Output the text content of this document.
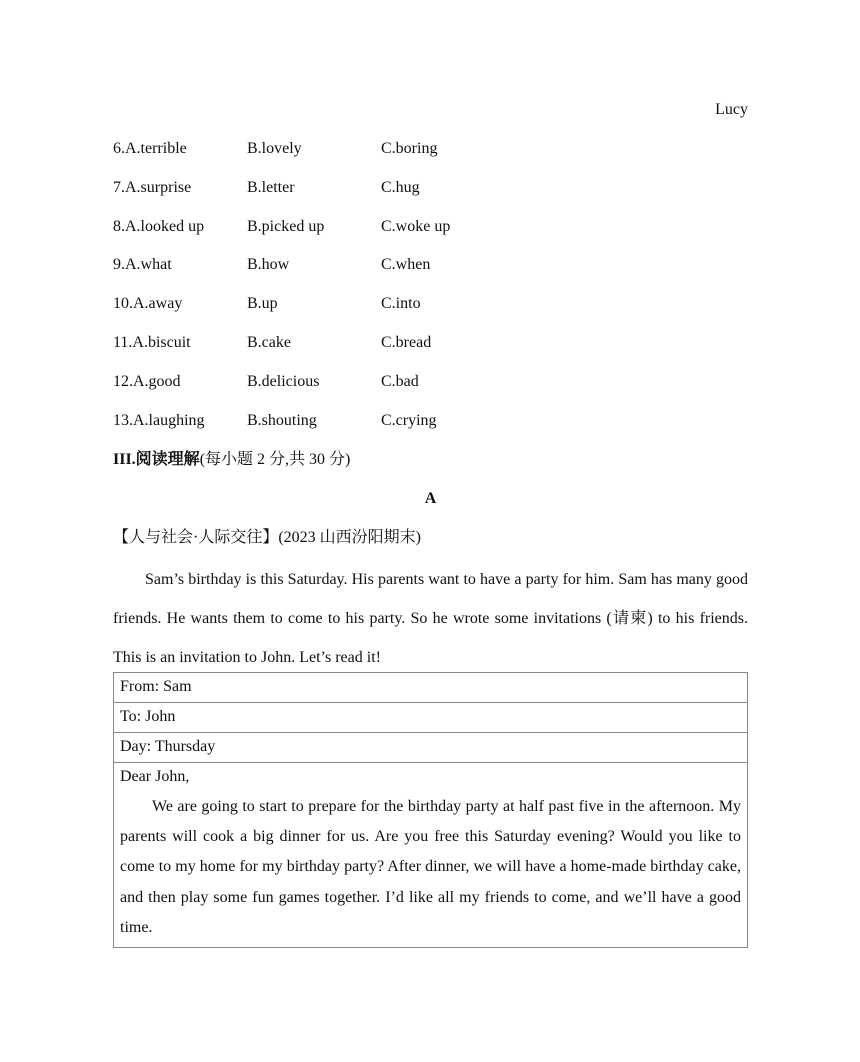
Lucy
6.A.terrible	B.lovely	C.boring
7.A.surprise	B.letter	C.hug
8.A.looked up	B.picked up	C.woke up
9.A.what	B.how	C.when
10.A.away	B.up	C.into
11.A.biscuit	B.cake	C.bread
12.A.good	B.delicious	C.bad
13.A.laughing	B.shouting	C.crying
III.阅读理解(每小题 2 分,共 30 分)
A
【人与社会·人际交往】(2023 山西汾阳期末)

Sam’s birthday is this Saturday. His parents want to have a party for him. Sam has many good friends. He wants them to come to his party. So he wrote some invitations (请柬) to his friends. This is an invitation to John. Let’s read it!

From: Sam
To: John
Day: Thursday

Dear John,

We are going to start to prepare for the birthday party at half past five in the afternoon. My parents will cook a big dinner for us. Are you free this Saturday evening? Would you like to come to my home for my birthday party? After dinner, we will have a home-made birthday cake, and then play some fun games together. I’d like all my friends to come, and we’ll have a good time.
